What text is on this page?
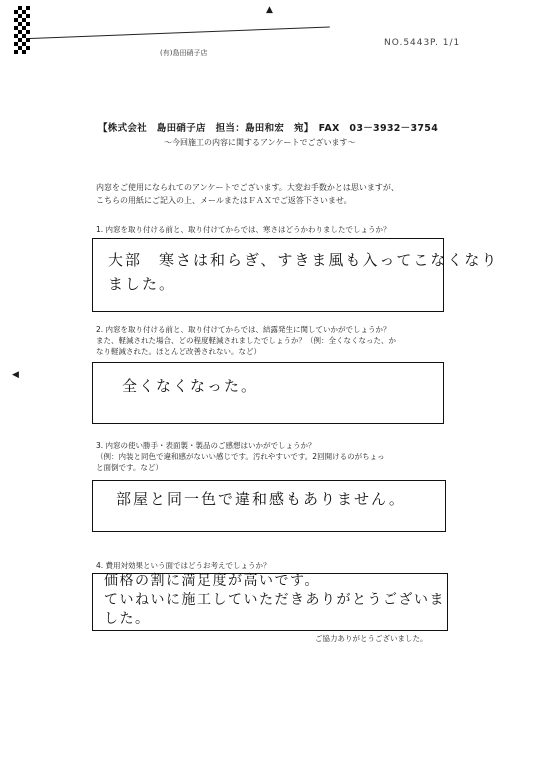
▲
◀
(有)島田硝子店
NO.5443 P. 1/1
【株式会社　島田硝子店　担当：島田和宏　宛】　FAX　03－3932－3754
～今回施工の内容に関するアンケートでございます～
内窓をご使用になられてのアンケートでございます。大変お手数かとは思いますが、
こちらの用紙にご記入の上、メールまたはＦＡＸでご返答下さいませ。
1. 内窓を取り付ける前と、取り付けてからでは、寒さはどうかわりましたでしょうか？
大部　寒さは和らぎ、すきま風も入ってこなくなり
ました。
2. 内窓を取り付ける前と、取り付けてからでは、結露発生に関していかがでしょうか？
また、軽減された場合、どの程度軽減されましたでしょうか？（例：全くなくなった、か
なり軽減された。ほとんど改善されない。など）
全くなくなった。
3. 内窓の使い勝手・表面製・製品のご感想はいかがでしょうか？
（例：内装と同色で違和感がないい感じです。汚れやすいです。2回開けるのがちょっ
と面倒です。など）
部屋と同一色で違和感もありません。
4. 費用対効果という面ではどうお考えでしょうか？
価格の割に満足度が高いです。
ていねいに施工していただきありがとうございま
した。
ご協力ありがとうございました。
